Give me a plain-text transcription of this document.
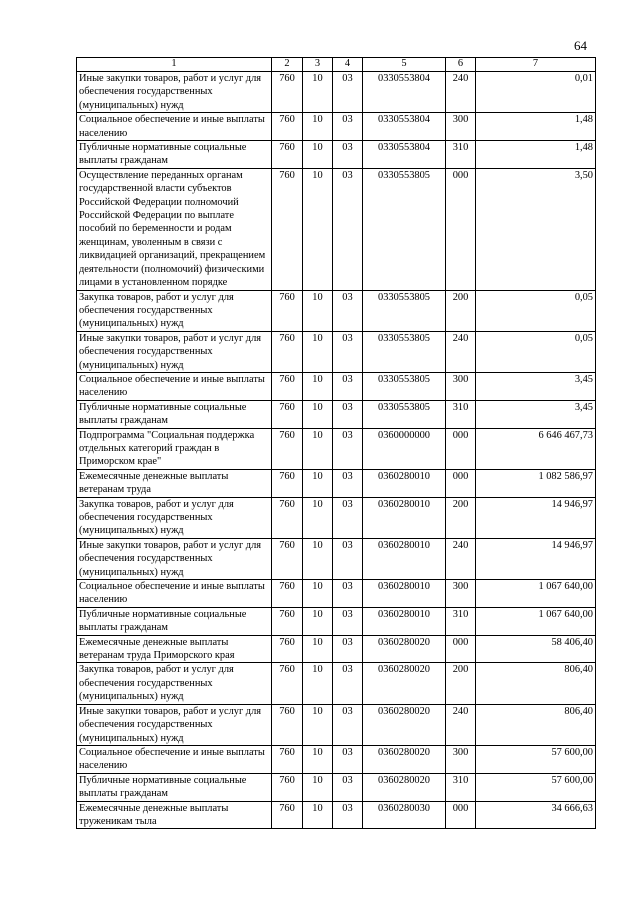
64
1	2	3	4	5	6	7
Иные закупки товаров, работ и услуг для обеспечения государственных (муниципальных) нужд	760	10	03	0330553804	240	0,01
Социальное обеспечение и иные выплаты населению	760	10	03	0330553804	300	1,48
Публичные нормативные социальные выплаты гражданам	760	10	03	0330553804	310	1,48
Осуществление переданных органам государственной власти субъектов Российской Федерации полномочий Российской Федерации по выплате пособий по беременности и родам женщинам, уволенным в связи с ликвидацией организаций, прекращением деятельности (полномочий) физическими лицами в установленном порядке	760	10	03	0330553805	000	3,50
Закупка товаров, работ и услуг для обеспечения государственных (муниципальных) нужд	760	10	03	0330553805	200	0,05
Иные закупки товаров, работ и услуг для обеспечения государственных (муниципальных) нужд	760	10	03	0330553805	240	0,05
Социальное обеспечение и иные выплаты населению	760	10	03	0330553805	300	3,45
Публичные нормативные социальные выплаты гражданам	760	10	03	0330553805	310	3,45
Подпрограмма "Социальная поддержка отдельных категорий граждан в Приморском крае"	760	10	03	0360000000	000	6 646 467,73
Ежемесячные денежные выплаты ветеранам труда	760	10	03	0360280010	000	1 082 586,97
Закупка товаров, работ и услуг для обеспечения государственных (муниципальных) нужд	760	10	03	0360280010	200	14 946,97
Иные закупки товаров, работ и услуг для обеспечения государственных (муниципальных) нужд	760	10	03	0360280010	240	14 946,97
Социальное обеспечение и иные выплаты населению	760	10	03	0360280010	300	1 067 640,00
Публичные нормативные социальные выплаты гражданам	760	10	03	0360280010	310	1 067 640,00
Ежемесячные денежные выплаты ветеранам труда Приморского края	760	10	03	0360280020	000	58 406,40
Закупка товаров, работ и услуг для обеспечения государственных (муниципальных) нужд	760	10	03	0360280020	200	806,40
Иные закупки товаров, работ и услуг для обеспечения государственных (муниципальных) нужд	760	10	03	0360280020	240	806,40
Социальное обеспечение и иные выплаты населению	760	10	03	0360280020	300	57 600,00
Публичные нормативные социальные выплаты гражданам	760	10	03	0360280020	310	57 600,00
Ежемесячные денежные выплаты труженикам тыла	760	10	03	0360280030	000	34 666,63
